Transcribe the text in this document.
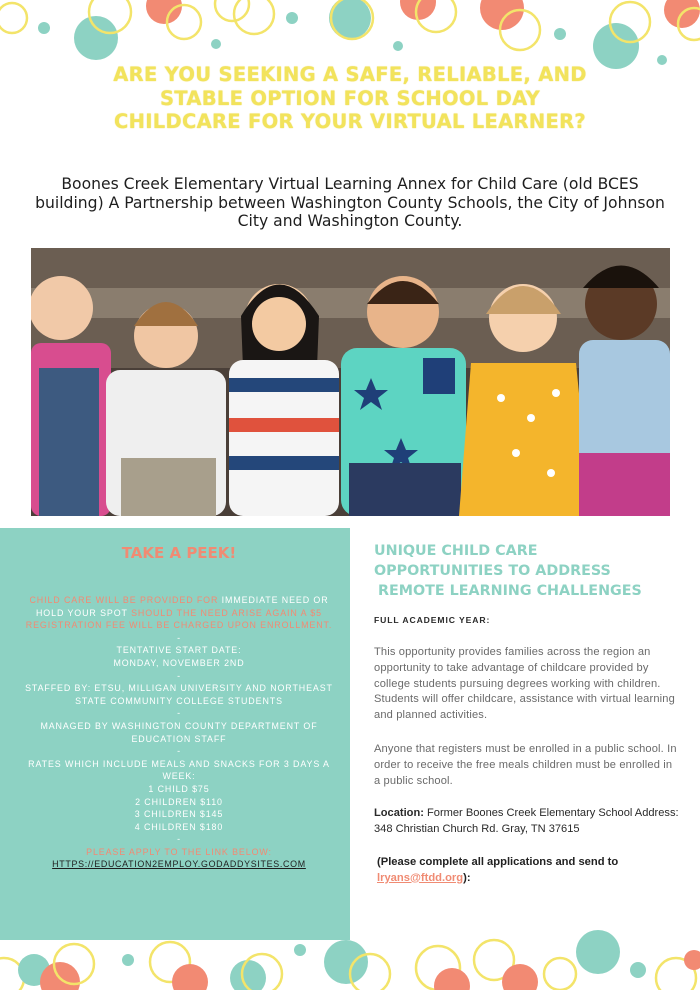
ARE YOU SEEKING A SAFE, RELIABLE, AND STABLE OPTION FOR SCHOOL DAY CHILDCARE FOR YOUR VIRTUAL LEARNER?

Boones Creek Elementary Virtual Learning Annex for Child Care (old BCES building) A Partnership between Washington County Schools, the City of Johnson City and Washington County.

TAKE A PEEK!

CHILD CARE WILL BE PROVIDED FOR IMMEDIATE NEED OR HOLD YOUR SPOT SHOULD THE NEED ARISE AGAIN A $5 REGISTRATION FEE WILL BE CHARGED UPON ENROLLMENT.

-

TENTATIVE START DATE:

MONDAY, NOVEMBER 2ND

-

STAFFED BY: ETSU, MILLIGAN UNIVERSITY AND NORTHEAST STATE COMMUNITY COLLEGE STUDENTS

-

MANAGED BY WASHINGTON COUNTY DEPARTMENT OF EDUCATION STAFF

-

RATES WHICH INCLUDE MEALS AND SNACKS FOR 3 DAYS A WEEK:

1 CHILD $75

2 CHILDREN $110

3 CHILDREN $145

4 CHILDREN $180

-

PLEASE APPLY TO THE LINK BELOW:

HTTPS://EDUCATION2EMPLOY.GODADDYSITES.COM

UNIQUE CHILD CARE
OPPORTUNITIES TO ADDRESS
REMOTE LEARNING CHALLENGES

FULL ACADEMIC YEAR:

This opportunity provides families across the region an opportunity to take advantage of childcare provided by college students pursuing degrees working with children. Students will offer childcare, assistance with virtual learning and planned activities.

Anyone that registers must be enrolled in a public school. In order to receive the free meals children must be enrolled in a public school.

Location: Former Boones Creek Elementary School Address: 348 Christian Church Rd. Gray, TN 37615

(Please complete all applications and send to lryans@ftdd.org):
